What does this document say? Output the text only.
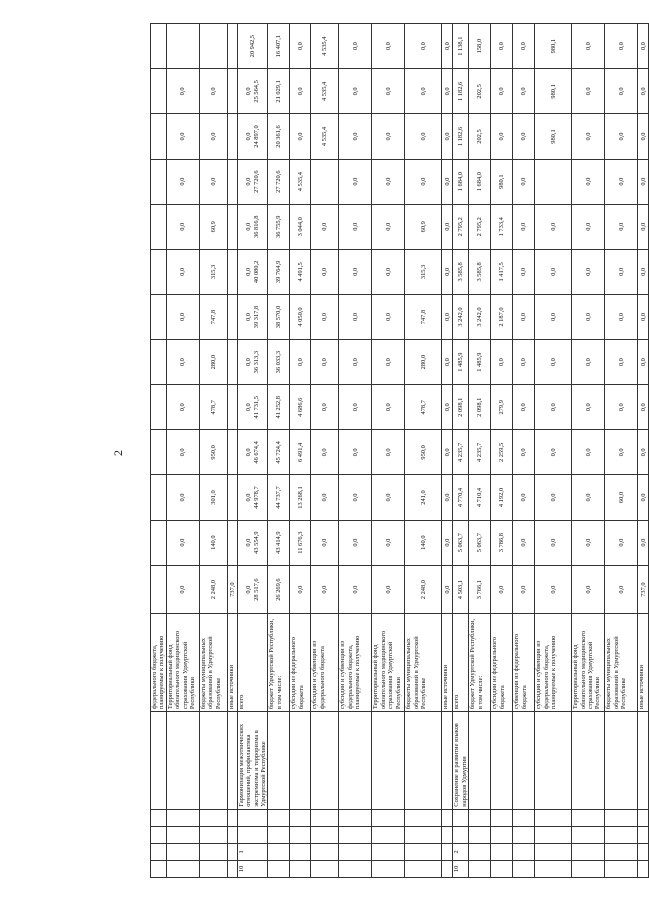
2
					федерального бюджета, планируемые к получению													
					Территориальный фонд обязательного медицинского страхования Удмуртской Республики	0,0	0,0	0,0	0,0	0,0	0,0	0,0	0,0	0,0	0,0	0,0	0,0	
					бюджеты муниципальных образований в Удмуртской Республике	2 248,0	140,0	301,0	950,0	478,7	280,0	747,8	315,3	60,9	0,0	0,0	0,0	
					иные источники	737,0												
10	1			Гармонизация межэтнических отношений, профилактика экстремизма и терроризма в Удмуртской Республике	всего	0,0 28 517,6	0,0 43 554,9	0,0 44 978,7	0,0 46 674,4	0,0 41 731,5	0,0 36 313,3	0,0 39 317,8	0,0 40 080,2	0,0 36 816,8	0,0 27 720,6	0,0 24 897,0	0,0 25 564,5	20 942,5
					бюджет Удмуртской Республики, в том числе:	26 269,6	43 414,9	44 737,7	45 724,4	41 252,8	36 033,3	38 570,0	39 764,9	36 755,9	27 720,6	20 361,6	21 029,1	16 407,1
					субсидии из федерального бюджета	0,0	11 676,3	13 268,1	6 491,4	4 686,6	0,0	4 050,0	4 491,5	3 044,0	4 535,4	0,0	0,0	0,0
					субсидии и субвенции из федерального бюджета	0,0	0,0	0,0	0,0	0,0	0,0	0,0	0,0	0,0		4 535,4	4 535,4	4 535,4
					субсидии и субвенции из федерального бюджета, планируемые к получению	0,0	0,0	0,0	0,0	0,0	0,0	0,0	0,0	0,0	0,0	0,0	0,0	0,0
					Территориальный фонд обязательного медицинского страхования Удмуртской Республики	0,0	0,0	0,0	0,0	0,0	0,0	0,0	0,0	0,0	0,0	0,0	0,0	0,0
					бюджеты муниципальных образований в Удмуртской Республике	2 248,0	140,0	241,0	950,0	478,7	280,0	747,8	315,3	60,9	0,0	0,0	0,0	0,0
					иные источники	0,0	0,0	0,0	0,0	0,0	0,0	0,0	0,0	0,0	0,0	0,0	0,0	0,0
10	2			Сохранение и развитие языков народов Удмуртии	всего	4 503,1	5 063,7	4 770,4	4 235,7	2 098,1	1 485,9	3 242,0	3 585,8	2 795,2	1 684,0	1 182,6	1 182,6	1 138,1
					бюджет Удмуртской Республики, в том числе:	3 766,1	5 063,7	4 710,4	4 235,7	2 098,1	1 485,9	3 242,0	3 585,8	2 795,2	1 684,0	202,5	202,5	158,0
					субсидии из федерального бюджета	0,0	3 786,8	4 192,0	2 259,5	279,9	0,0	2 187,0	1 417,5	1 733,4	980,1	0,0	0,0	0,0
					субвенции из федерального бюджета	0,0	0,0	0,0	0,0	0,0	0,0	0,0	0,0	0,0	0,0	0,0	0,0	0,0
					субсидии и субвенции из федерального бюджета, планируемые к получению	0,0	0,0	0,0	0,0	0,0	0,0	0,0	0,0	0,0		980,1	980,1	980,1
					Территориальный фонд обязательного медицинского страхования Удмуртской Республики	0,0	0,0	0,0	0,0	0,0	0,0	0,0	0,0	0,0	0,0	0,0	0,0	0,0
					бюджеты муниципальных образований в Удмуртской Республике	0,0	0,0	60,0	0,0	0,0	0,0	0,0	0,0	0,0	0,0	0,0	0,0	0,0
					иные источники	737,0	0,0	0,0	0,0	0,0	0,0	0,0	0,0	0,0	0,0	0,0	0,0	0,0
